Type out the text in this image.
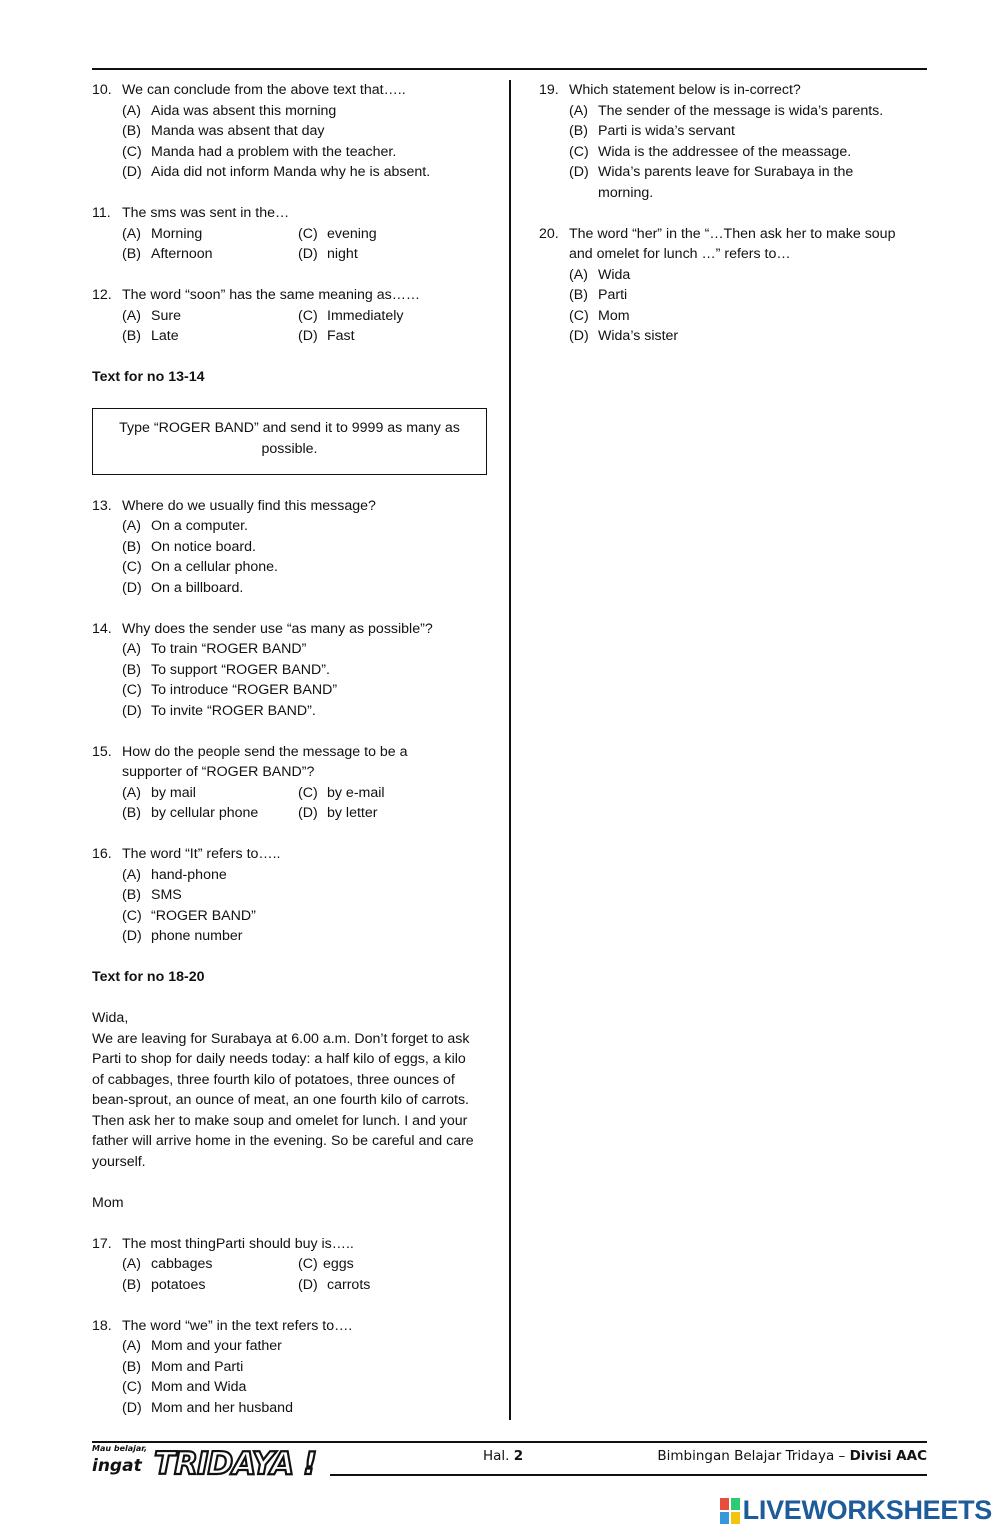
10. We can conclude from the above text that…..
(A) Aida was absent this morning
(B) Manda was absent that day
(C) Manda had a problem with the teacher.
(D) Aida did not inform Manda why he is absent.
11. The sms was sent in the…
(A) Morning	(C) evening
(B) Afternoon	(D) night
12. The word “soon” has the same meaning as……
(A) Sure	(C) Immediately
(B) Late	(D) Fast
Text for no 13-14
Type “ROGER BAND” and send it to 9999 as many as possible.
13. Where do we usually find this message?
(A) On a computer.
(B) On notice board.
(C) On a cellular phone.
(D) On a billboard.
14. Why does the sender use “as many as possible”?
(A) To train “ROGER BAND”
(B) To support “ROGER BAND”.
(C) To introduce “ROGER BAND”
(D) To invite “ROGER BAND”.
15. How do the people send the message to be a supporter of “ROGER BAND”?
(A) by mail	(C) by e-mail
(B) by cellular phone	(D) by letter
16. The word “It” refers to…..
(A) hand-phone
(B) SMS
(C) “ROGER BAND”
(D) phone number
Text for no 18-20

Wida,

We are leaving for Surabaya at 6.00 a.m. Don’t forget to ask Parti to shop for daily needs today: a half kilo of eggs, a kilo of cabbages, three fourth kilo of potatoes, three ounces of bean-sprout, an ounce of meat, an one fourth kilo of carrots. Then ask her to make soup and omelet for lunch. I and your father will arrive home in the evening. So be careful and care yourself.

Mom

17. The most thingParti should buy is…..
(A) cabbages	(C) eggs
(B) potatoes	(D) carrots
18. The word “we” in the text refers to….
(A) Mom and your father
(B) Mom and Parti
(C) Mom and Wida
(D) Mom and her husband
19. Which statement below is in-correct?
(A) The sender of the message is wida’s parents.
(B) Parti is wida’s servant
(C) Wida is the addressee of the meassage.
(D) Wida’s parents leave for Surabaya in the morning.
20. The word “her” in the “…Then ask her to make soup and omelet for lunch …” refers to…
(A) Wida
(B) Parti
(C) Mom
(D) Wida’s sister
Mau belajar,
ingat TRIDAYA !	Hal. 2	Bimbingan Belajar Tridaya – Divisi AAC
LIVEWORKSHEETS
